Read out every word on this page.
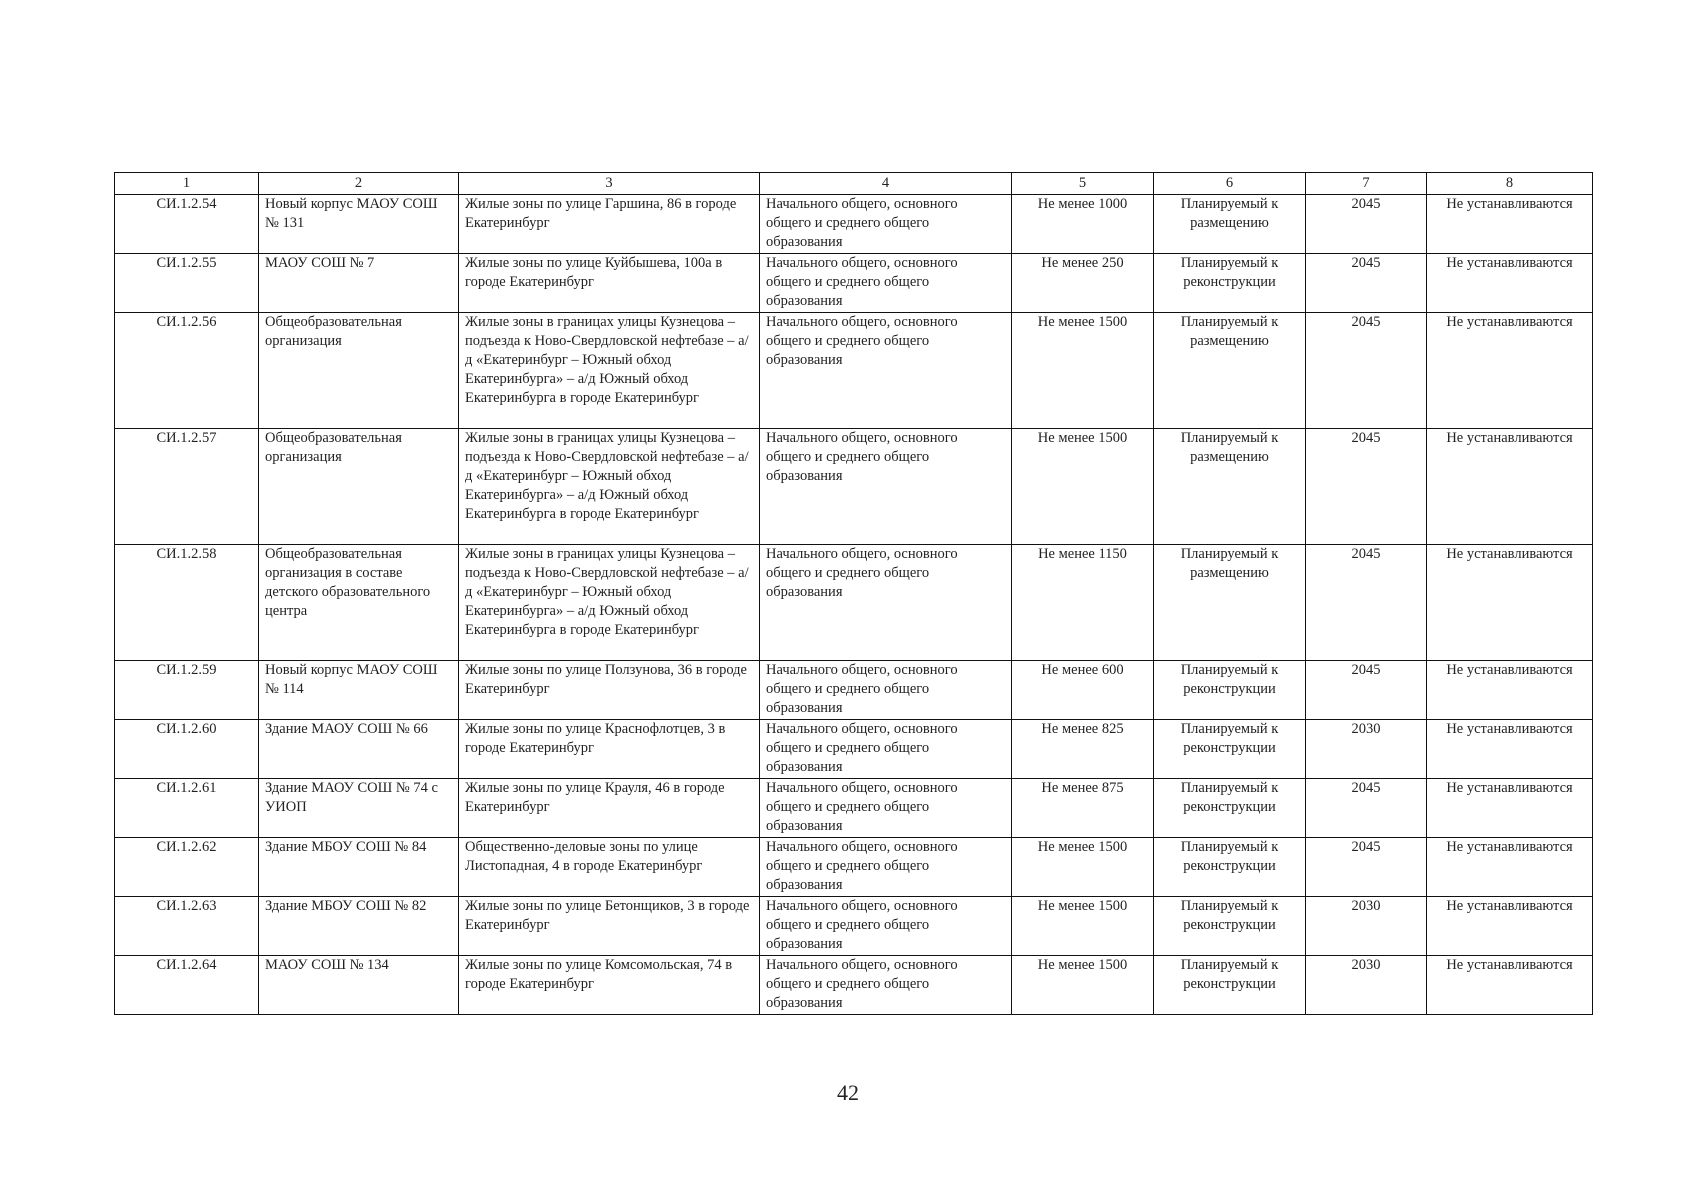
1	2	3	4	5	6	7	8
СИ.1.2.54	Новый корпус МАОУ СОШ № 131	Жилые зоны по улице Гаршина, 86 в городе Екатеринбург	Начального общего, основного общего и среднего общего образования	Не менее 1000	Планируемый к размещению	2045	Не устанавливаются
СИ.1.2.55	МАОУ СОШ № 7	Жилые зоны по улице Куйбышева, 100а в городе Екатеринбург	Начального общего, основного общего и среднего общего образования	Не менее 250	Планируемый к реконструкции	2045	Не устанавливаются
СИ.1.2.56	Общеобразовательная организация	Жилые зоны в границах улицы Кузнецова – подъезда к Ново-Свердловской нефтебазе – а/д «Екатеринбург – Южный обход Екатеринбурга» – а/д Южный обход Екатеринбурга в городе Екатеринбург	Начального общего, основного общего и среднего общего образования	Не менее 1500	Планируемый к размещению	2045	Не устанавливаются
СИ.1.2.57	Общеобразовательная организация	Жилые зоны в границах улицы Кузнецова – подъезда к Ново-Свердловской нефтебазе – а/д «Екатеринбург – Южный обход Екатеринбурга» – а/д Южный обход Екатеринбурга в городе Екатеринбург	Начального общего, основного общего и среднего общего образования	Не менее 1500	Планируемый к размещению	2045	Не устанавливаются
СИ.1.2.58	Общеобразовательная организация в составе детского образовательного центра	Жилые зоны в границах улицы Кузнецова – подъезда к Ново-Свердловской нефтебазе – а/д «Екатеринбург – Южный обход Екатеринбурга» – а/д Южный обход Екатеринбурга в городе Екатеринбург	Начального общего, основного общего и среднего общего образования	Не менее 1150	Планируемый к размещению	2045	Не устанавливаются
СИ.1.2.59	Новый корпус МАОУ СОШ № 114	Жилые зоны по улице Ползунова, 36 в городе Екатеринбург	Начального общего, основного общего и среднего общего образования	Не менее 600	Планируемый к реконструкции	2045	Не устанавливаются
СИ.1.2.60	Здание МАОУ СОШ № 66	Жилые зоны по улице Краснофлотцев, 3 в городе Екатеринбург	Начального общего, основного общего и среднего общего образования	Не менее 825	Планируемый к реконструкции	2030	Не устанавливаются
СИ.1.2.61	Здание МАОУ СОШ № 74 с УИОП	Жилые зоны по улице Крауля, 46 в городе Екатеринбург	Начального общего, основного общего и среднего общего образования	Не менее 875	Планируемый к реконструкции	2045	Не устанавливаются
СИ.1.2.62	Здание МБОУ СОШ № 84	Общественно-деловые зоны по улице Листопадная, 4 в городе Екатеринбург	Начального общего, основного общего и среднего общего образования	Не менее 1500	Планируемый к реконструкции	2045	Не устанавливаются
СИ.1.2.63	Здание МБОУ СОШ № 82	Жилые зоны по улице Бетонщиков, 3 в городе Екатеринбург	Начального общего, основного общего и среднего общего образования	Не менее 1500	Планируемый к реконструкции	2030	Не устанавливаются
СИ.1.2.64	МАОУ СОШ № 134	Жилые зоны по улице Комсомольская, 74 в городе Екатеринбург	Начального общего, основного общего и среднего общего образования	Не менее 1500	Планируемый к реконструкции	2030	Не устанавливаются
42
